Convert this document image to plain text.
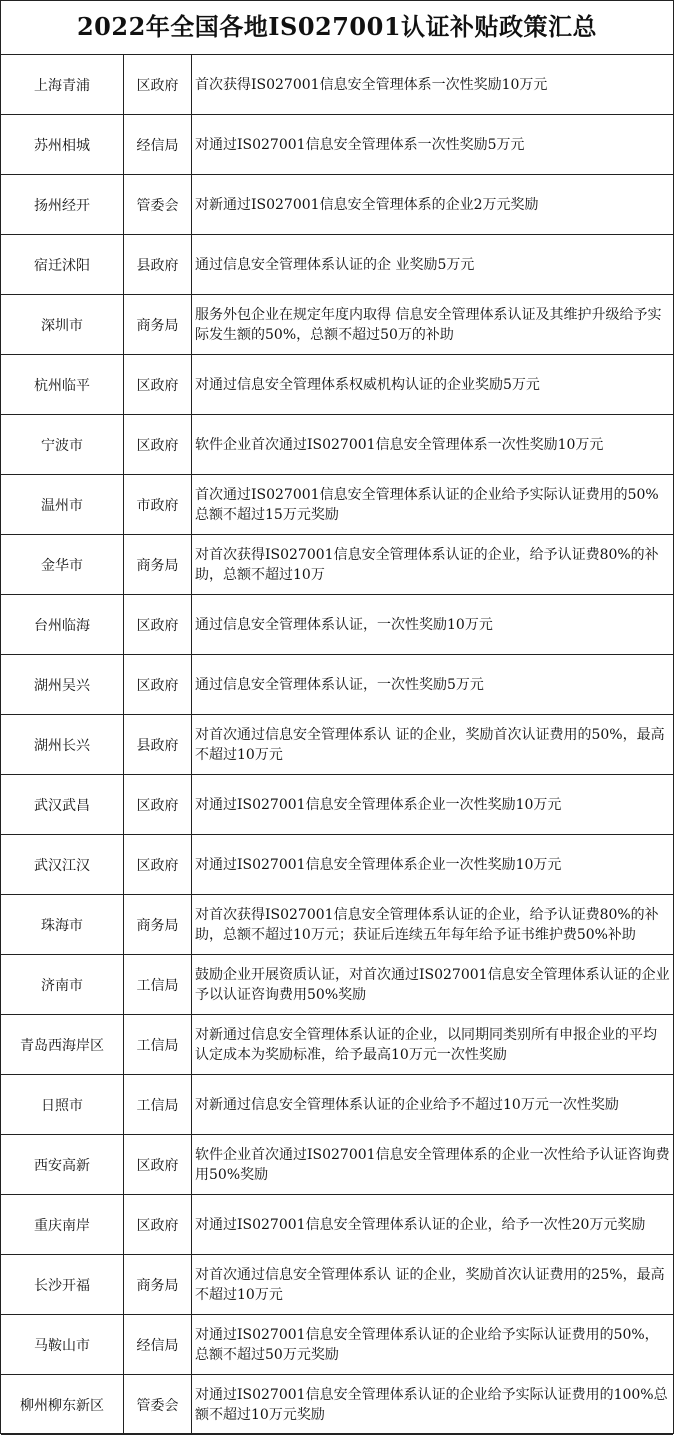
2022年全国各地IS027001认证补贴政策汇总
上海青浦	区政府	首次获得IS027001信息安全管理体系一次性奖励10万元
苏州相城	经信局	对通过IS027001信息安全管理体系一次性奖励5万元
扬州经开	管委会	对新通过IS027001信息安全管理体系的企业2万元奖励
宿迁沭阳	县政府	通过信息安全管理体系认证的企 业奖励5万元
深圳市	商务局	服务外包企业在规定年度内取得 信息安全管理体系认证及其维护升级给予实际发生额的50%，总额不超过50万的补助
杭州临平	区政府	对通过信息安全管理体系权威机构认证的企业奖励5万元
宁波市	区政府	软件企业首次通过IS027001信息安全管理体系一次性奖励10万元
温州市	市政府	首次通过IS027001信息安全管理体系认证的企业给予实际认证费用的50%总额不超过15万元奖励
金华市	商务局	对首次获得IS027001信息安全管理体系认证的企业，给予认证费80%的补助，总额不超过10万
台州临海	区政府	通过信息安全管理体系认证，一次性奖励10万元
湖州吴兴	区政府	通过信息安全管理体系认证，一次性奖励5万元
湖州长兴	县政府	对首次通过信息安全管理体系认 证的企业，奖励首次认证费用的50%，最高不超过10万元
武汉武昌	区政府	对通过IS027001信息安全管理体系企业一次性奖励10万元
武汉江汉	区政府	对通过IS027001信息安全管理体系企业一次性奖励10万元
珠海市	商务局	对首次获得IS027001信息安全管理体系认证的企业，给予认证费80%的补助，总额不超过10万元；获证后连续五年每年给予证书维护费50%补助
济南市	工信局	鼓励企业开展资质认证，对首次通过IS027001信息安全管理体系认证的企业予以认证咨询费用50%奖励
青岛西海岸区	工信局	对新通过信息安全管理体系认证的企业，以同期同类别所有申报企业的平均认定成本为奖励标准，给予最高10万元一次性奖励
日照市	工信局	对新通过信息安全管理体系认证的企业给予不超过10万元一次性奖励
西安高新	区政府	软件企业首次通过IS027001信息安全管理体系的企业一次性给予认证咨询费用50%奖励
重庆南岸	区政府	对通过IS027001信息安全管理体系认证的企业，给予一次性20万元奖励
长沙开福	商务局	对首次通过信息安全管理体系认 证的企业，奖励首次认证费用的25%，最高不超过10万元
马鞍山市	经信局	对通过IS027001信息安全管理体系认证的企业给予实际认证费用的50%，总额不超过50万元奖励
柳州柳东新区	管委会	对通过IS027001信息安全管理体系认证的企业给予实际认证费用的100%总额不超过10万元奖励
